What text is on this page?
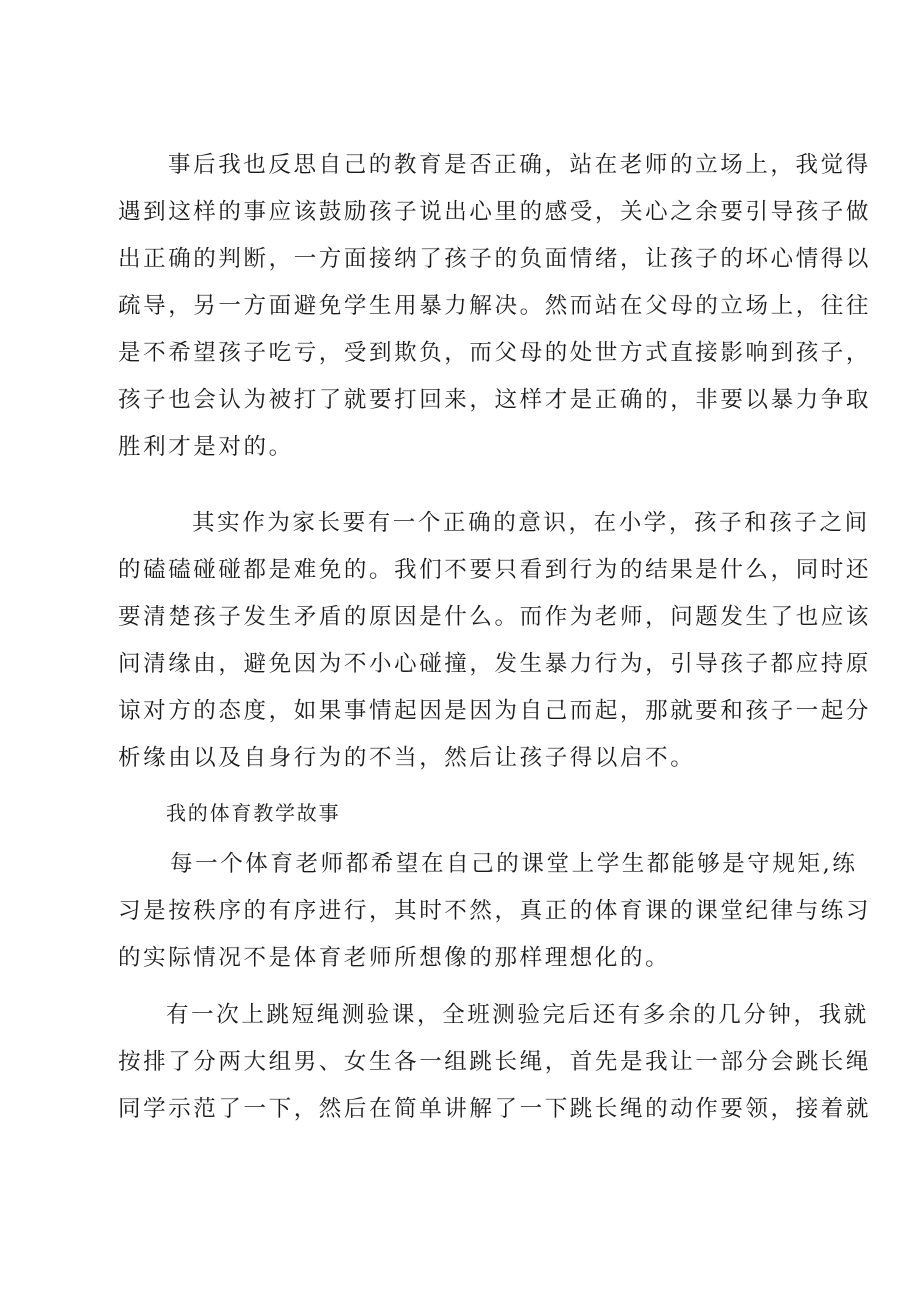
事后我也反思自己的教育是否正确，站在老师的立场上，我觉得
遇到这样的事应该鼓励孩子说出心里的感受，关心之余要引导孩子做
出正确的判断，一方面接纳了孩子的负面情绪，让孩子的坏心情得以
疏导，另一方面避免学生用暴力解决。然而站在父母的立场上，往往
是不希望孩子吃亏，受到欺负，而父母的处世方式直接影响到孩子，
孩子也会认为被打了就要打回来，这样才是正确的，非要以暴力争取
胜利才是对的。
其实作为家长要有一个正确的意识，在小学，孩子和孩子之间
的磕磕碰碰都是难免的。我们不要只看到行为的结果是什么，同时还
要清楚孩子发生矛盾的原因是什么。而作为老师，问题发生了也应该
问清缘由，避免因为不小心碰撞，发生暴力行为，引导孩子都应持原
谅对方的态度，如果事情起因是因为自己而起，那就要和孩子一起分
析缘由以及自身行为的不当，然后让孩子得以启不。
我的体育教学故事
每一个体育老师都希望在自己的课堂上学生都能够是守规矩,练
习是按秩序的有序进行，其时不然，真正的体育课的课堂纪律与练习
的实际情况不是体育老师所想像的那样理想化的。
有一次上跳短绳测验课，全班测验完后还有多余的几分钟，我就
按排了分两大组男、女生各一组跳长绳，首先是我让一部分会跳长绳
同学示范了一下，然后在简单讲解了一下跳长绳的动作要领，接着就
